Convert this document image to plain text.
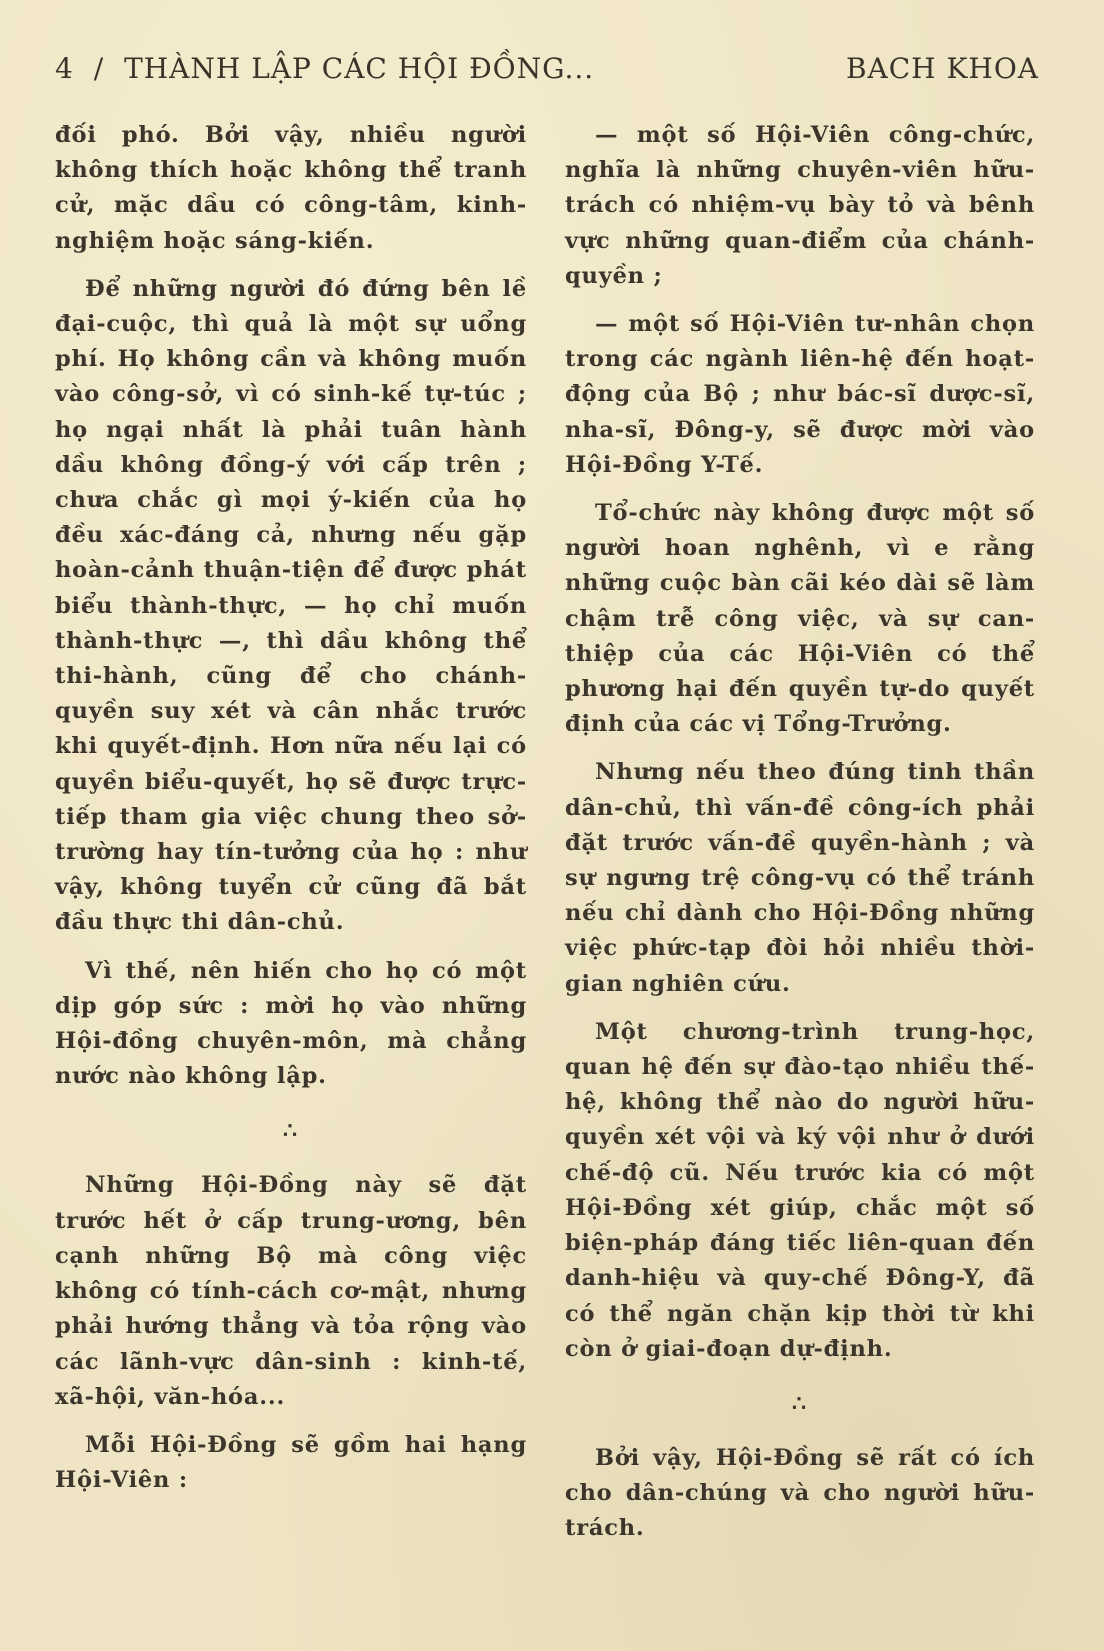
4 / THÀNH LẬP CÁC HỘI ĐỒNG...	BACH KHOA

đối phó. Bởi vậy, nhiều người không thích hoặc không thể tranh cử, mặc dầu có công-tâm, kinh-nghiệm hoặc sáng-kiến.

Để những người đó đứng bên lề đại-cuộc, thì quả là một sự uổng phí. Họ không cần và không muốn vào công-sở, vì có sinh-kế tự-túc ; họ ngại nhất là phải tuân hành dầu không đồng-ý với cấp trên ; chưa chắc gì mọi ý-kiến của họ đều xác-đáng cả, nhưng nếu gặp hoàn-cảnh thuận-tiện để được phát biểu thành-thực, — họ chỉ muốn thành-thực —, thì dầu không thể thi-hành, cũng để cho chánh-quyền suy xét và cân nhắc trước khi quyết-định. Hơn nữa nếu lại có quyền biểu-quyết, họ sẽ được trực-tiếp tham gia việc chung theo sở-trường hay tín-tưởng của họ : như vậy, không tuyển cử cũng đã bắt đầu thực thi dân-chủ.

Vì thế, nên hiến cho họ có một dịp góp sức : mời họ vào những Hội-đồng chuyên-môn, mà chẳng nước nào không lập.

∴

Những Hội-Đồng này sẽ đặt trước hết ở cấp trung-ương, bên cạnh những Bộ mà công việc không có tính-cách cơ-mật, nhưng phải hướng thẳng và tỏa rộng vào các lãnh-vực dân-sinh : kinh-tế, xã-hội, văn-hóa...

Mỗi Hội-Đồng sẽ gồm hai hạng Hội-Viên :

— một số Hội-Viên công-chức, nghĩa là những chuyên-viên hữu-trách có nhiệm-vụ bày tỏ và bênh vực những quan-điểm của chánh-quyền ;

— một số Hội-Viên tư-nhân chọn trong các ngành liên-hệ đến hoạt-động của Bộ ; như bác-sĩ dược-sĩ, nha-sĩ, Đông-y, sẽ được mời vào Hội-Đồng Y-Tế.

Tổ-chức này không được một số người hoan nghênh, vì e rằng những cuộc bàn cãi kéo dài sẽ làm chậm trễ công việc, và sự can-thiệp của các Hội-Viên có thể phương hại đến quyền tự-do quyết định của các vị Tổng-Trưởng.

Nhưng nếu theo đúng tinh thần dân-chủ, thì vấn-đề công-ích phải đặt trước vấn-đề quyền-hành ; và sự ngưng trệ công-vụ có thể tránh nếu chỉ dành cho Hội-Đồng những việc phức-tạp đòi hỏi nhiều thời-gian nghiên cứu.

Một chương-trình trung-học, quan hệ đến sự đào-tạo nhiều thế-hệ, không thể nào do người hữu-quyền xét vội và ký vội như ở dưới chế-độ cũ. Nếu trước kia có một Hội-Đồng xét giúp, chắc một số biện-pháp đáng tiếc liên-quan đến danh-hiệu và quy-chế Đông-Y, đã có thể ngăn chặn kịp thời từ khi còn ở giai-đoạn dự-định.

∴

Bởi vậy, Hội-Đồng sẽ rất có ích cho dân-chúng và cho người hữu-trách.
